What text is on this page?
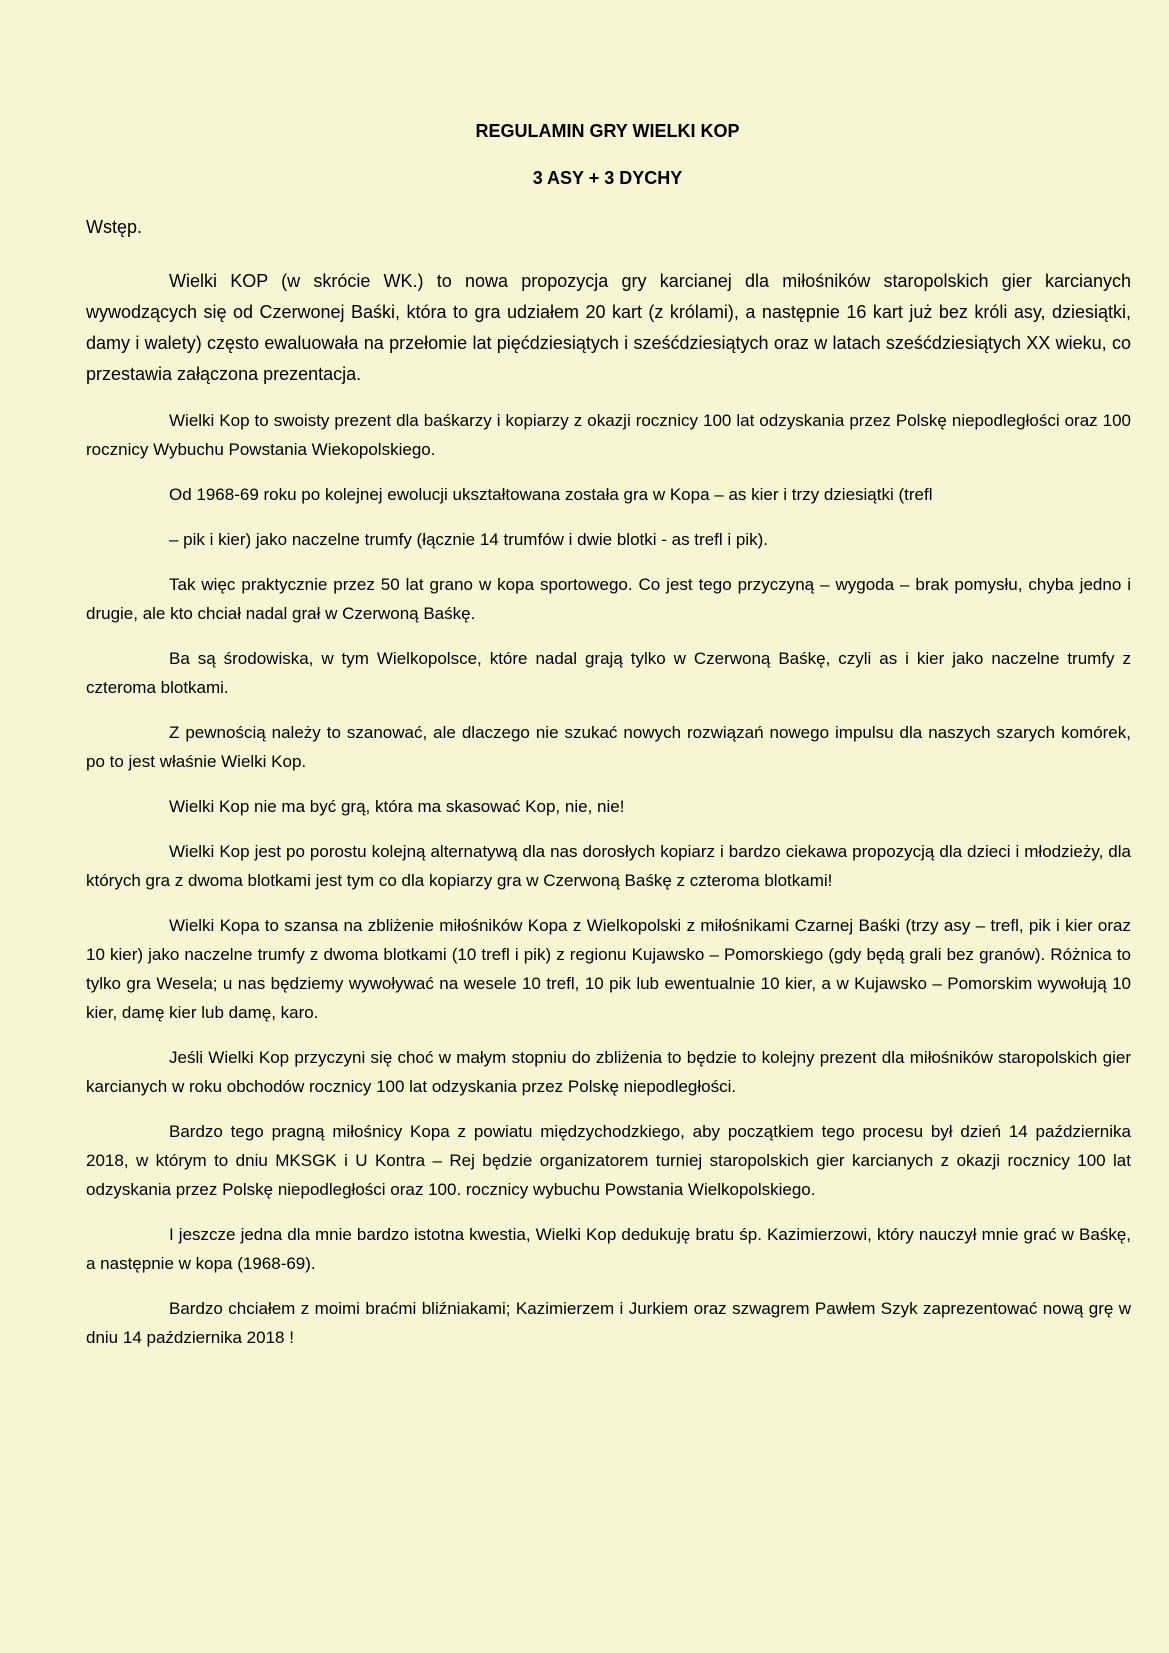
REGULAMIN GRY WIELKI KOP
3 ASY + 3 DYCHY

Wstęp.

Wielki KOP (w skrócie WK.) to nowa propozycja gry karcianej dla miłośników staropolskich gier karcianych wywodzących się od Czerwonej Baśki, która to gra udziałem 20 kart (z królami), a następnie 16 kart już bez króli asy, dziesiątki, damy i walety) często ewaluowała na przełomie lat pięćdziesiątych i sześćdziesiątych oraz w latach sześćdziesiątych XX wieku, co przestawia załączona prezentacja.

Wielki Kop to swoisty prezent dla baśkarzy i kopiarzy z okazji rocznicy 100 lat odzyskania przez Polskę niepodległości oraz 100 rocznicy Wybuchu Powstania Wiekopolskiego.

Od 1968-69 roku po kolejnej ewolucji ukształtowana została gra w Kopa – as kier i trzy dziesiątki (trefl

– pik i kier) jako naczelne trumfy (łącznie 14 trumfów i dwie blotki - as trefl i pik).

Tak więc praktycznie przez 50 lat grano w kopa sportowego. Co jest tego przyczyną – wygoda – brak pomysłu, chyba jedno i drugie, ale kto chciał nadal grał w Czerwoną Baśkę.

Ba są środowiska, w tym Wielkopolsce, które nadal grają tylko w Czerwoną Baśkę, czyli as i kier jako naczelne trumfy z czteroma blotkami.

Z pewnością należy to szanować, ale dlaczego nie szukać nowych rozwiązań nowego impulsu dla naszych szarych komórek, po to jest właśnie Wielki Kop.

Wielki Kop nie ma być grą, która ma skasować Kop, nie, nie!

Wielki Kop jest po porostu kolejną alternatywą dla nas dorosłych kopiarz i bardzo ciekawa propozycją dla dzieci i młodzieży, dla których gra z dwoma blotkami jest tym co dla kopiarzy gra w Czerwoną Baśkę z czteroma blotkami!

Wielki Kopa to szansa na zbliżenie miłośników Kopa z Wielkopolski z miłośnikami Czarnej Baśki (trzy asy – trefl, pik i kier oraz 10 kier) jako naczelne trumfy z dwoma blotkami (10 trefl i pik) z regionu Kujawsko – Pomorskiego (gdy będą grali bez granów). Różnica to tylko gra Wesela; u nas będziemy wywoływać na wesele 10 trefl, 10 pik lub ewentualnie 10 kier, a w Kujawsko – Pomorskim wywołują 10 kier, damę kier lub damę, karo.

Jeśli Wielki Kop przyczyni się choć w małym stopniu do zbliżenia to będzie to kolejny prezent dla miłośników staropolskich gier karcianych w roku obchodów rocznicy 100 lat odzyskania przez Polskę niepodległości.

Bardzo tego pragną miłośnicy Kopa z powiatu międzychodzkiego, aby początkiem tego procesu był dzień 14 października 2018, w którym to dniu MKSGK i U Kontra – Rej będzie organizatorem turniej staropolskich gier karcianych z okazji rocznicy 100 lat odzyskania przez Polskę niepodległości oraz 100. rocznicy wybuchu Powstania Wielkopolskiego.

I jeszcze jedna dla mnie bardzo istotna kwestia, Wielki Kop dedukuję bratu śp. Kazimierzowi, który nauczył mnie grać w Baśkę, a następnie w kopa (1968-69).

Bardzo chciałem z moimi braćmi bliźniakami; Kazimierzem i Jurkiem oraz szwagrem Pawłem Szyk zaprezentować nową grę w dniu 14 października 2018 !
